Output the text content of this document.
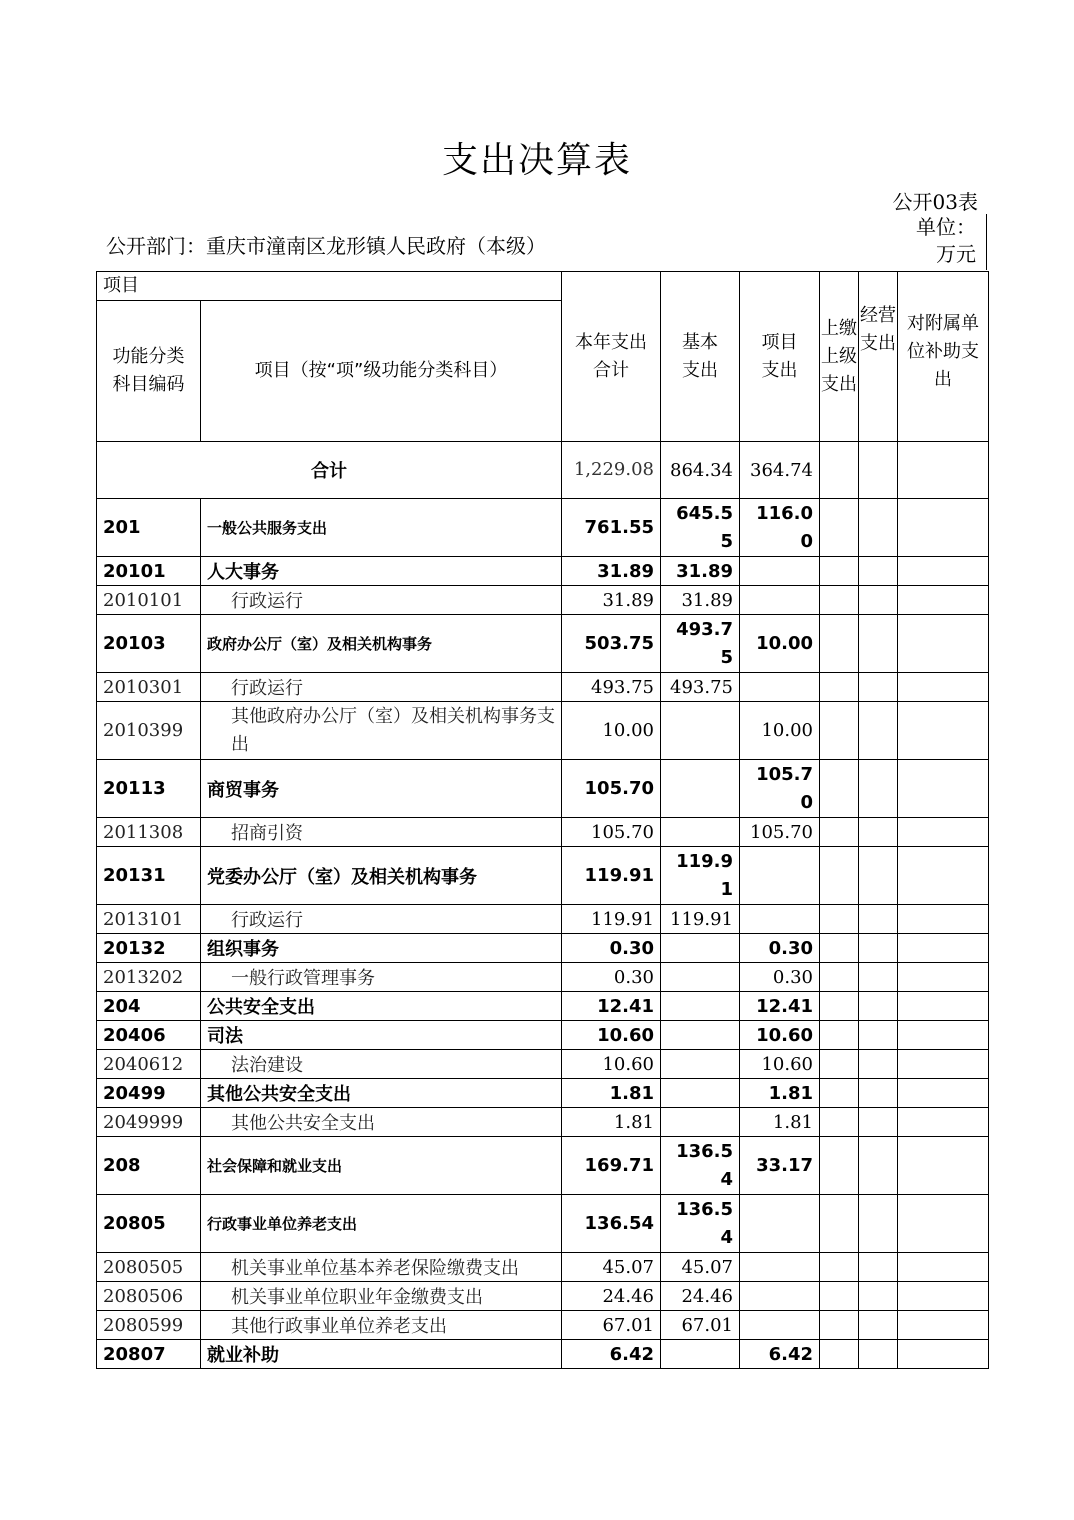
支出决算表
公开03表
公开部门：重庆市潼南区龙形镇人民政府（本级）
单位：
万元
项目		本年支出合计	基本支出	项目支出	上缴上级支出	经营支出	对附属单位补助支出
功能分类科目编码	项目（按“项”级功能分类科目）						
合计		1,229.08	864.34	364.74			
201	一般公共服务支出	761.55	645.55	116.00			
20101	人大事务	31.89	31.89				
2010101	行政运行	31.89	31.89				
20103	政府办公厅（室）及相关机构事务	503.75	493.75	10.00			
2010301	行政运行	493.75	493.75				
2010399	其他政府办公厅（室）及相关机构事务支出	10.00		10.00			
20113	商贸事务	105.70		105.70			
2011308	招商引资	105.70		105.70			
20131	党委办公厅（室）及相关机构事务	119.91	119.91				
2013101	行政运行	119.91	119.91				
20132	组织事务	0.30		0.30			
2013202	一般行政管理事务	0.30		0.30			
204	公共安全支出	12.41		12.41			
20406	司法	10.60		10.60			
2040612	法治建设	10.60		10.60			
20499	其他公共安全支出	1.81		1.81			
2049999	其他公共安全支出	1.81		1.81			
208	社会保障和就业支出	169.71	136.54	33.17			
20805	行政事业单位养老支出	136.54	136.54				
2080505	机关事业单位基本养老保险缴费支出	45.07	45.07				
2080506	机关事业单位职业年金缴费支出	24.46	24.46				
2080599	其他行政事业单位养老支出	67.01	67.01				
20807	就业补助	6.42		6.42			
